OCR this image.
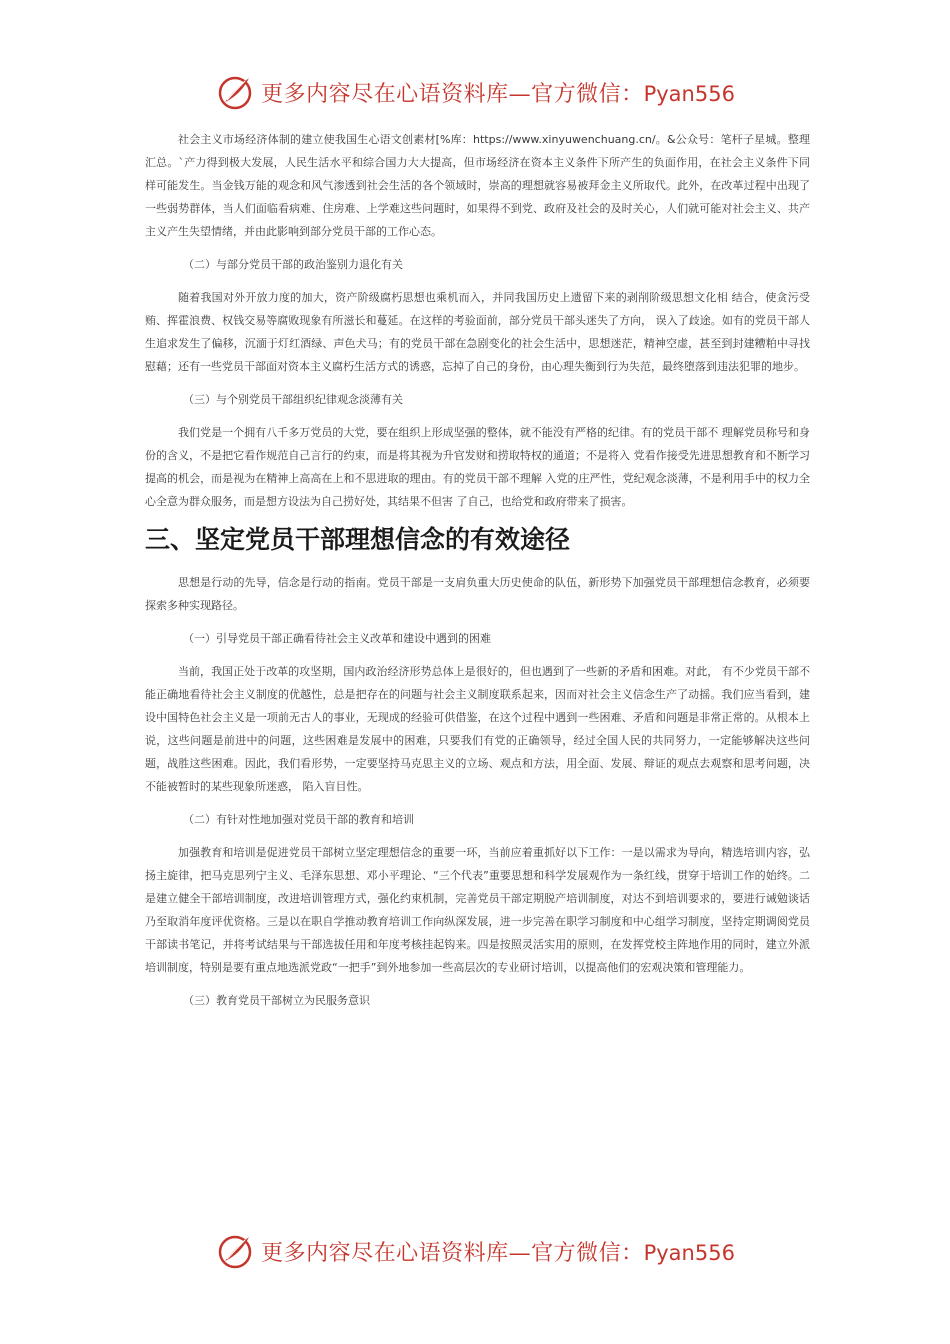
更多内容尽在心语资料库—官方微信：Pyan556

社会主义市场经济体制的建立使我国生心语文创素材[%库：https://www.xinyuwenchuang.cn/。&公众号：笔杆子星城。整理汇总。`产力得到极大发展，人民生活水平和综合国力大大提高，但市场经济在资本主义条件下所产生的负面作用，在社会主义条件下同样可能发生。当金钱万能的观念和风气渗透到社会生活的各个领域时，崇高的理想就容易被拜金主义所取代。此外，在改革过程中出现了一些弱势群体，当人们面临看病难、住房难、上学难这些问题时，如果得不到党、政府及社会的及时关心，人们就可能对社会主义、共产主义产生失望情绪，并由此影响到部分党员干部的工作心态。

（二）与部分党员干部的政治鉴别力退化有关

随着我国对外开放力度的加大，资产阶级腐朽思想也乘机而入，并同我国历史上遗留下来的剥削阶级思想文化相 结合，使贪污受贿、挥霍浪费、权钱交易等腐败现象有所滋长和蔓延。在这样的考验面前，部分党员干部头迷失了方向， 误入了歧途。如有的党员干部人生追求发生了偏移，沉湎于灯红酒绿、声色犬马；有的党员干部在急剧变化的社会生活中，思想迷茫，精神空虚，甚至到封建糟粕中寻找慰藉；还有一些党员干部面对资本主义腐朽生活方式的诱惑，忘掉了自己的身份，由心理失衡到行为失范，最终堕落到违法犯罪的地步。

（三）与个别党员干部组织纪律观念淡薄有关

我们党是一个拥有八千多万党员的大党，要在组织上形成坚强的整体，就不能没有严格的纪律。有的党员干部不 理解党员称号和身份的含义，不是把它看作规范自己言行的约束，而是将其视为升官发财和捞取特权的通道；不是将入 党看作接受先进思想教育和不断学习提高的机会，而是视为在精神上高高在上和不思进取的理由。有的党员干部不理解 入党的庄严性，党纪观念淡薄，不是利用手中的权力全心全意为群众服务，而是想方设法为自己捞好处，其结果不但害 了自己，也给党和政府带来了损害。

三、坚定党员干部理想信念的有效途径

思想是行动的先导，信念是行动的指南。党员干部是一支肩负重大历史使命的队伍，新形势下加强党员干部理想信念教育，必须要探索多种实现路径。

（一）引导党员干部正确看待社会主义改革和建设中遇到的困难

当前，我国正处于改革的攻坚期，国内政治经济形势总体上是很好的，但也遇到了一些新的矛盾和困难。对此， 有不少党员干部不能正确地看待社会主义制度的优越性，总是把存在的问题与社会主义制度联系起来，因而对社会主义信念生产了动摇。我们应当看到，建设中国特色社会主义是一项前无古人的事业，无现成的经验可供借鉴，在这个过程中遇到一些困难、矛盾和问题是非常正常的。从根本上说，这些问题是前进中的问题，这些困难是发展中的困难，只要我们有党的正确领导，经过全国人民的共同努力，一定能够解决这些问题，战胜这些困难。因此，我们看形势，一定要坚持马克思主义的立场、观点和方法，用全面、发展、辩证的观点去观察和思考问题，决不能被暂时的某些现象所迷惑， 陷入盲目性。

（二）有针对性地加强对党员干部的教育和培训

加强教育和培训是促进党员干部树立坚定理想信念的重要一环，当前应着重抓好以下工作：一是以需求为导向，精选培训内容，弘扬主旋律，把马克思列宁主义、毛泽东思想、邓小平理论、“三个代表”重要思想和科学发展观作为一条红线，贯穿于培训工作的始终。二是建立健全干部培训制度，改进培训管理方式，强化约束机制，完善党员干部定期脱产培训制度，对达不到培训要求的，要进行诫勉谈话乃至取消年度评优资格。三是以在职自学推动教育培训工作向纵深发展，进一步完善在职学习制度和中心组学习制度，坚持定期调阅党员干部读书笔记，并将考试结果与干部选拔任用和年度考核挂起钩来。四是按照灵活实用的原则，在发挥党校主阵地作用的同时，建立外派培训制度，特别是要有重点地选派党政“一把手”到外地参加一些高层次的专业研讨培训，以提高他们的宏观决策和管理能力。

（三）教育党员干部树立为民服务意识

更多内容尽在心语资料库—官方微信：Pyan556
